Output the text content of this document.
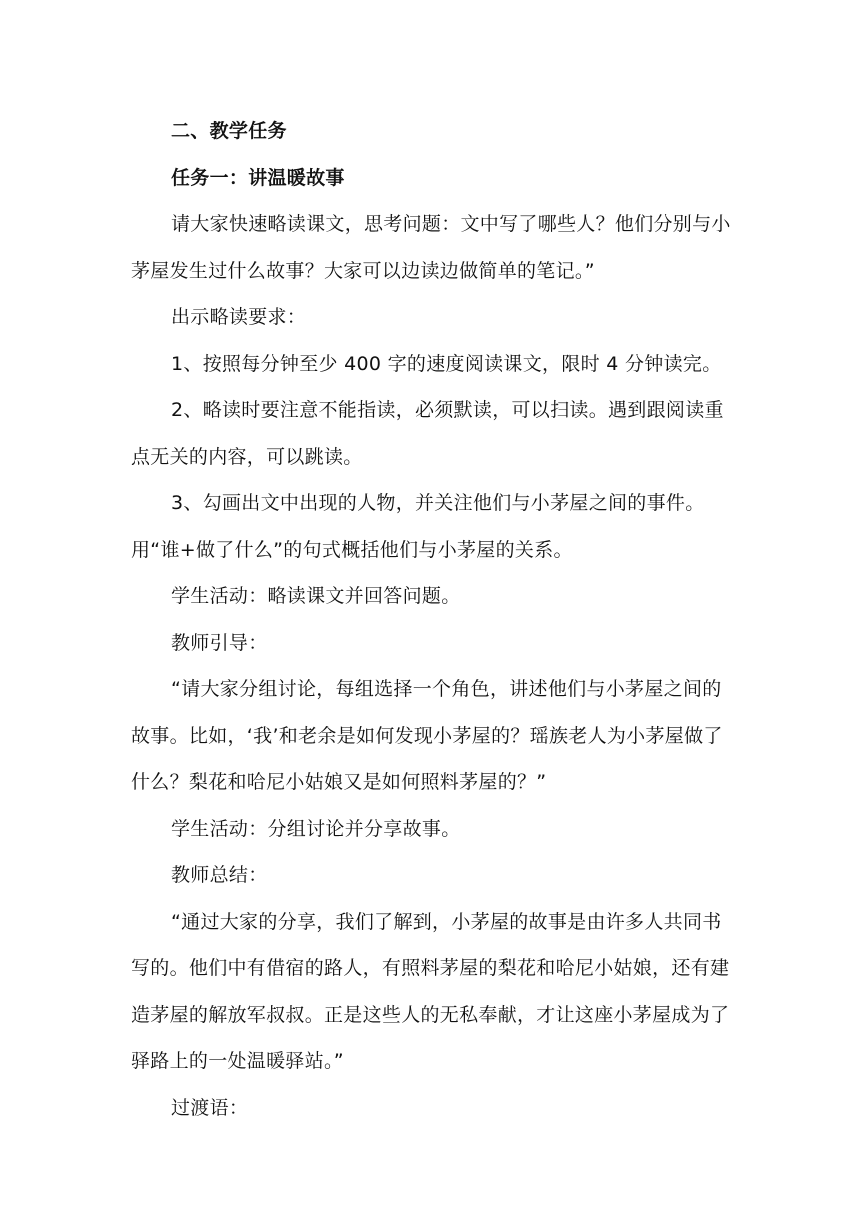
二、教学任务

任务一：讲温暖故事

请大家快速略读课文，思考问题：文中写了哪些人？他们分别与小茅屋发生过什么故事？大家可以边读边做简单的笔记。”

出示略读要求：

1、按照每分钟至少 400 字的速度阅读课文，限时 4 分钟读完。

2、略读时要注意不能指读，必须默读，可以扫读。遇到跟阅读重点无关的内容，可以跳读。

3、勾画出文中出现的人物，并关注他们与小茅屋之间的事件。用“谁+做了什么”的句式概括他们与小茅屋的关系。

学生活动：略读课文并回答问题。

教师引导：

“请大家分组讨论，每组选择一个角色，讲述他们与小茅屋之间的故事。比如，‘我’和老余是如何发现小茅屋的？瑶族老人为小茅屋做了什么？梨花和哈尼小姑娘又是如何照料茅屋的？”

学生活动：分组讨论并分享故事。

教师总结：

“通过大家的分享，我们了解到，小茅屋的故事是由许多人共同书写的。他们中有借宿的路人，有照料茅屋的梨花和哈尼小姑娘，还有建造茅屋的解放军叔叔。正是这些人的无私奉献，才让这座小茅屋成为了驿路上的一处温暖驿站。”

过渡语：
